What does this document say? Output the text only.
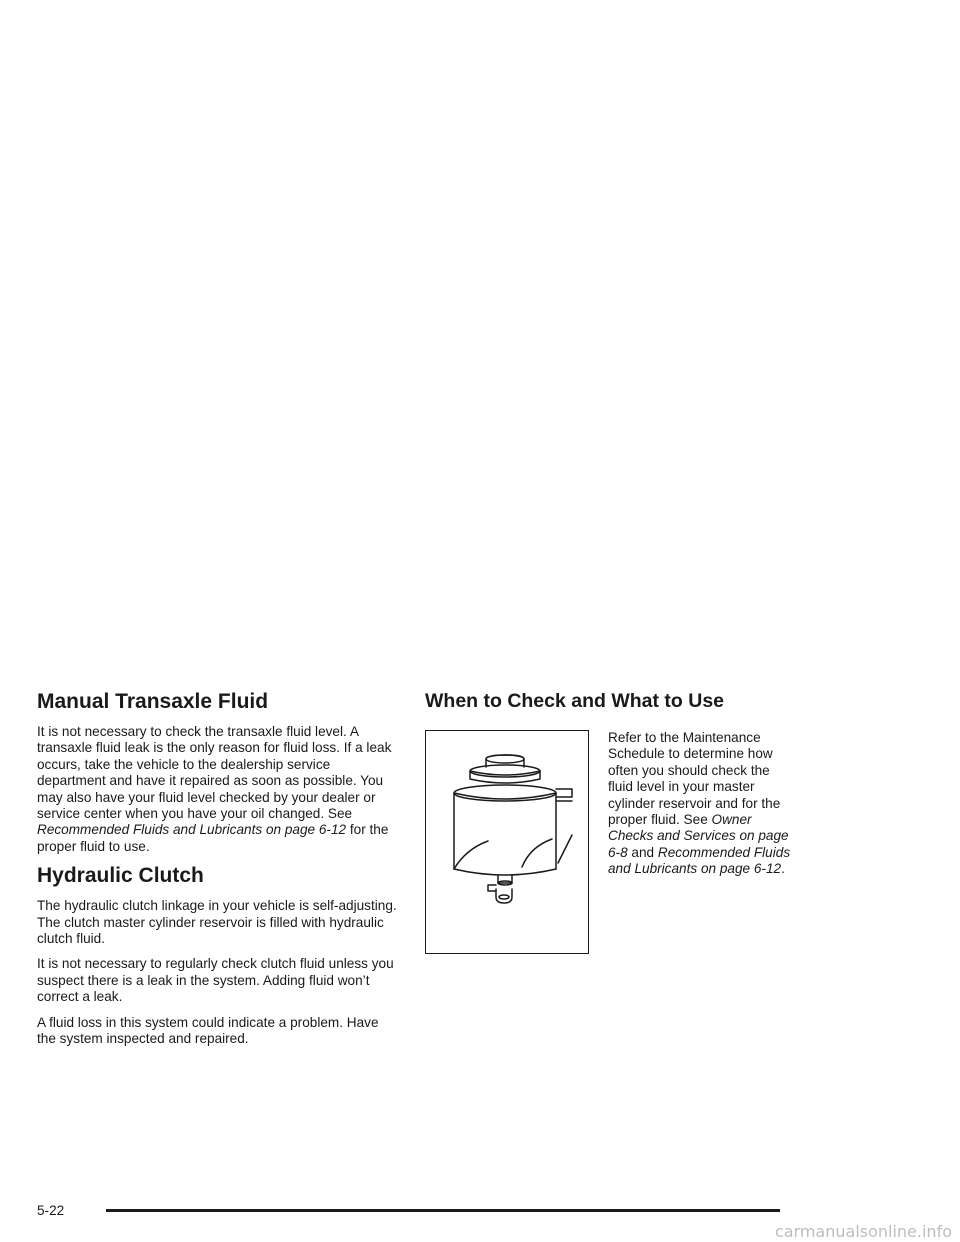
Manual Transaxle Fluid

It is not necessary to check the transaxle fluid level. A transaxle fluid leak is the only reason for fluid loss. If a leak occurs, take the vehicle to the dealership service department and have it repaired as soon as possible. You may also have your fluid level checked by your dealer or service center when you have your oil changed. See Recommended Fluids and Lubricants on page 6-12 for the proper fluid to use.

Hydraulic Clutch

The hydraulic clutch linkage in your vehicle is self-adjusting. The clutch master cylinder reservoir is filled with hydraulic clutch fluid.

It is not necessary to regularly check clutch fluid unless you suspect there is a leak in the system. Adding fluid won’t correct a leak.

A fluid loss in this system could indicate a problem. Have the system inspected and repaired.

When to Check and What to Use
Refer to the Maintenance Schedule to determine how often you should check the fluid level in your master cylinder reservoir and for the proper fluid. See Owner Checks and Services on page 6-8 and Recommended Fluids and Lubricants on page 6-12.
5-22
carmanualsonline.info
